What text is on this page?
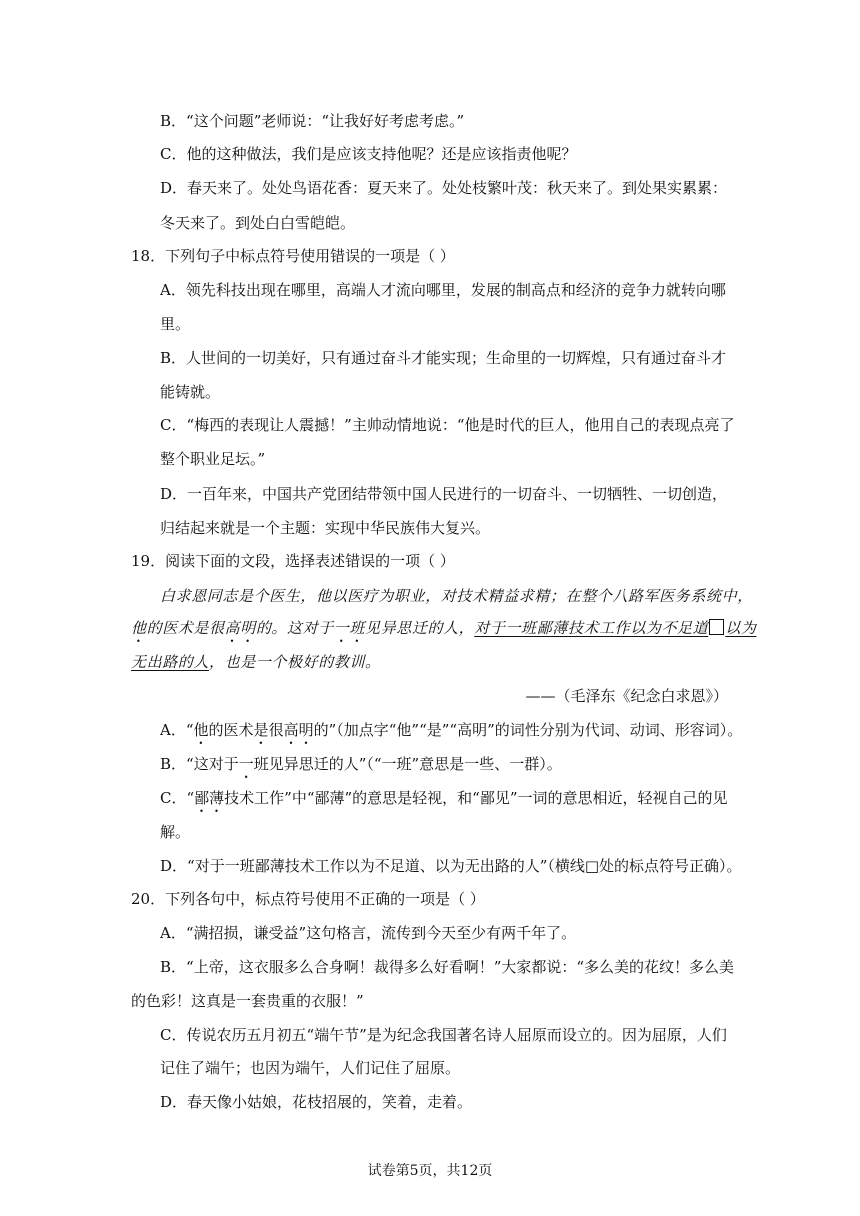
B．“这个问题”老师说：“让我好好考虑考虑。”
C．他的这种做法，我们是应该支持他呢？还是应该指责他呢？
D．春天来了。处处鸟语花香：夏天来了。处处枝繁叶茂：秋天来了。到处果实累累：
冬天来了。到处白白雪皑皑。
18．下列句子中标点符号使用错误的一项是（ ）
A．领先科技出现在哪里，高端人才流向哪里，发展的制高点和经济的竞争力就转向哪
里。
B．人世间的一切美好，只有通过奋斗才能实现；生命里的一切辉煌，只有通过奋斗才
能铸就。
C．“梅西的表现让人震撼！”主帅动情地说：“他是时代的巨人，他用自己的表现点亮了
整个职业足坛。”
D．一百年来，中国共产党团结带领中国人民进行的一切奋斗、一切牺牲、一切创造，
归结起来就是一个主题：实现中华民族伟大复兴。
19．阅读下面的文段，选择表述错误的一项（ ）
白求恩同志是个医生，他以医疗为职业，对技术精益求精；在整个八路军医务系统中，
他的医术是很高明的。这对于一班见异思迁的人，对于一班鄙薄技术工作以为不足道 以为
无出路的人，也是一个极好的教训。
——（毛泽东《纪念白求恩》）
A．“他的医术是很高明的”（加点字“他”“是”“高明”的词性分别为代词、动词、形容词）。
B．“这对于一班见异思迁的人”（“一班”意思是一些、一群）。
C．“鄙薄技术工作”中“鄙薄”的意思是轻视，和“鄙见”一词的意思相近，轻视自己的见
解。
D．“对于一班鄙薄技术工作以为不足道、以为无出路的人”（横线□处的标点符号正确）。
20．下列各句中，标点符号使用不正确的一项是（ ）
A．“满招损，谦受益”这句格言，流传到今天至少有两千年了。
B．“上帝，这衣服多么合身啊！裁得多么好看啊！”大家都说：“多么美的花纹！多么美
的色彩！这真是一套贵重的衣服！”
C．传说农历五月初五“端午节”是为纪念我国著名诗人屈原而设立的。因为屈原，人们
记住了端午；也因为端午，人们记住了屈原。
D．春天像小姑娘，花枝招展的，笑着，走着。
试卷第5页，共12页
